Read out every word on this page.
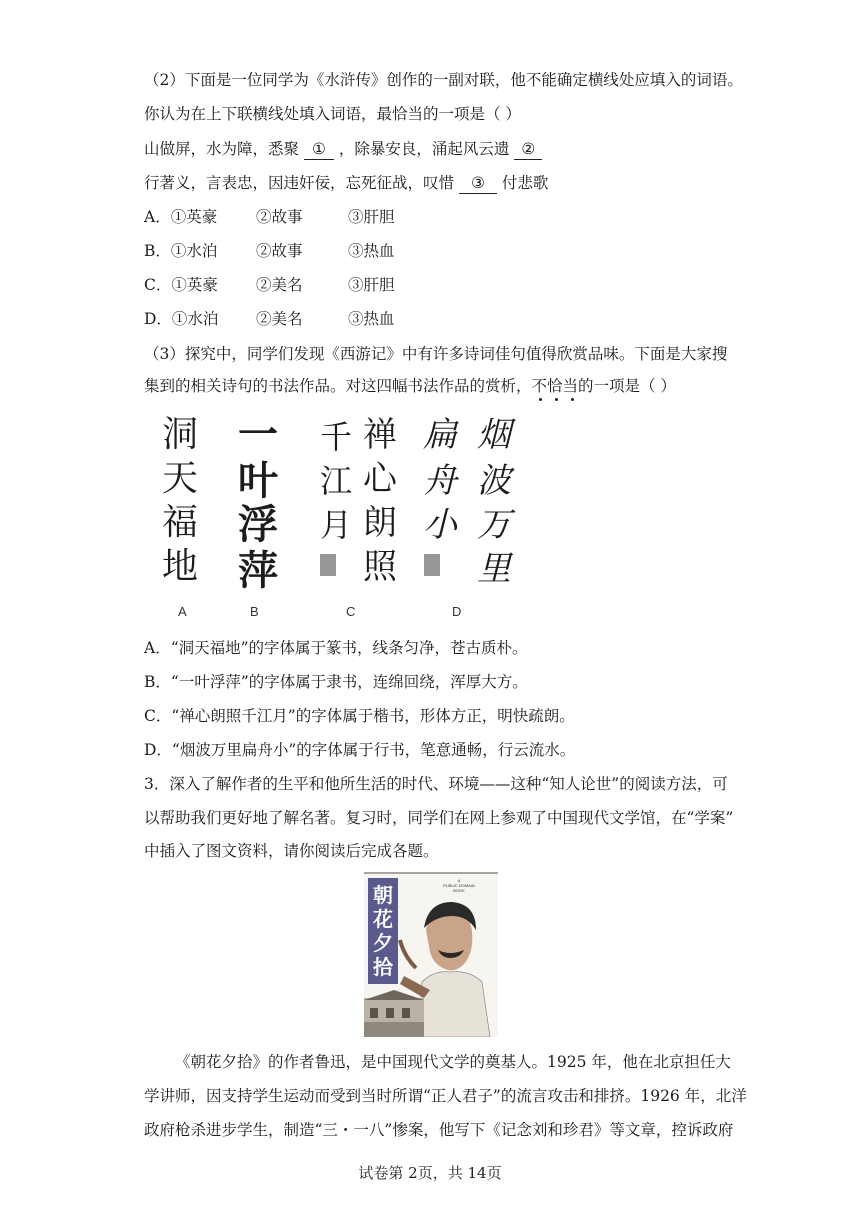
（2）下面是一位同学为《水浒传》创作的一副对联，他不能确定横线处应填入的词语。
你认为在上下联横线处填入词语，最恰当的一项是（ ）
山做屏，水为障，悉聚 ① ，除暴安良，涌起风云遗 ②
行著义，言表忠，因违奸佞，忘死征战，叹惜 ③ 付悲歌
A．①英豪	②故事	③肝胆
B．①水泊 ②故事	③热血
C．①英豪 ②美名	③肝胆
D．①水泊 ②美名	③热血
（3）探究中，同学们发现《西游记》中有许多诗词佳句值得欣赏品味。下面是大家搜
集到的相关诗句的书法作品。对这四幅书法作品的赏析，不恰当
的一项是（ ）
洞
天
福
地
一
叶
浮
萍
千
江
月
禅
心
朗
照
扁
舟
小
烟
波
万
里
A	B	C	D
A．“洞天福地”的字体属于篆书，线条匀净，苍古质朴。
B．“一叶浮萍”的字体属于隶书，连绵回绕，浑厚大方。
C．“禅心朗照千江月”的字体属于楷书，形体方正，明快疏朗。
D．“烟波万里扁舟小”的字体属于行书，笔意通畅，行云流水。
3．深入了解作者的生平和他所生活的时代、环境——这种“知人论世”的阅读方法，可
以帮助我们更好地了解名著。复习时，同学们在网上参观了中国现代文学馆，在“学案”
中插入了图文资料，请你阅读后完成各题。
朝
花
夕
拾
A
PUBLIC DOMAIN
BOOK
《朝花夕拾》的作者鲁迅，是中国现代文学的奠基人。1925 年，他在北京担任大
学讲师，因支持学生运动而受到当时所谓“正人君子”的流言攻击和排挤。1926 年，北洋
政府枪杀进步学生，制造“三・一八”惨案，他写下《记念刘和珍君》等文章，控诉政府
试卷第 2页，共 14页
